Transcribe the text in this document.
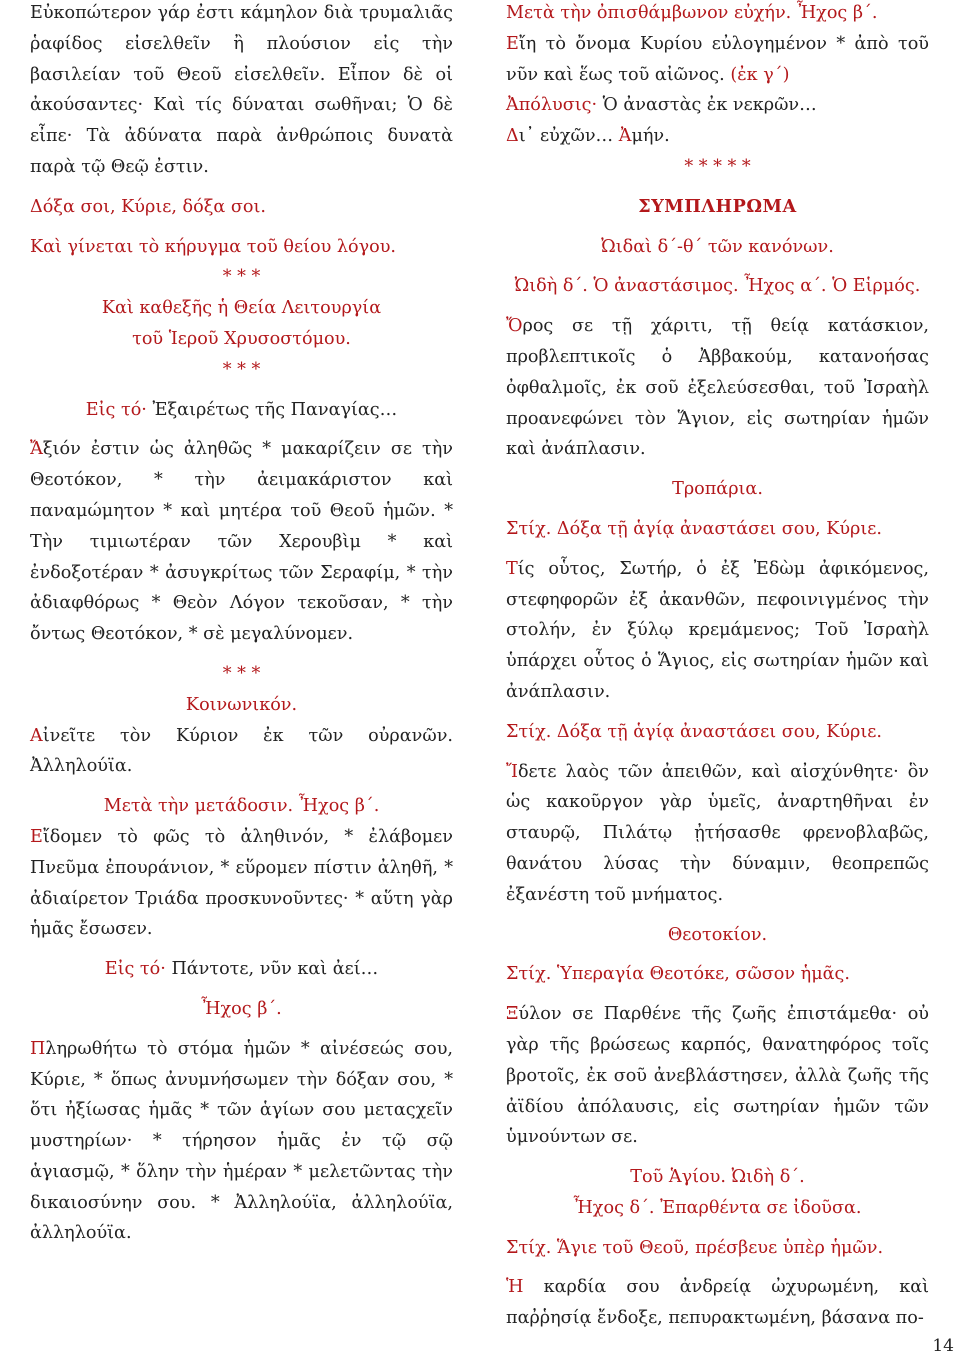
Εὐκοπώτερον γάρ ἐστι κάμηλον διὰ τρυμαλιᾶς ῥαφίδος εἰσελθεῖν ἢ πλούσιον εἰς τὴν βασιλείαν τοῦ Θεοῦ εἰσελθεῖν. Εἶπον δὲ οἱ ἀκούσαντες· Καὶ τίς δύναται σωθῆναι; Ὁ δὲ εἶπε· Τὰ ἀδύνατα παρὰ ἀνθρώποις δυνατὰ παρὰ τῷ Θεῷ ἐστιν.

Δόξα σοι, Κύριε, δόξα σοι.

Καὶ γίνεται τὸ κήρυγμα τοῦ θείου λόγου.

* * *

Καὶ καθεξῆς ἡ Θεία Λειτουργία

τοῦ Ἱεροῦ Χρυσοστόμου.

* * *

Εἰς τό· Ἐξαιρέτως τῆς Παναγίας…

Ἄξιόν ἐστιν ὡς ἀληθῶς * μακαρίζειν σε τὴν Θεοτόκον, * τὴν ἀειμακάριστον καὶ παναμώμητον * καὶ μητέρα τοῦ Θεοῦ ἡμῶν. * Τὴν τιμιωτέραν τῶν Χερουβὶμ * καὶ ἐνδοξοτέραν * ἀσυγκρίτως τῶν Σεραφίμ, * τὴν ἀδιαφθόρως * Θεὸν Λόγον τεκοῦσαν, * τὴν ὄντως Θεοτόκον, * σὲ μεγαλύνομεν.

* * *

Κοινωνικόν.

Αἰνεῖτε τὸν Κύριον ἐκ τῶν οὐρανῶν. Ἀλληλούϊα.

Μετὰ τὴν μετάδοσιν. Ἦχος β΄.

Εἴδομεν τὸ φῶς τὸ ἀληθινόν, * ἐλάβομεν Πνεῦμα ἐπουράνιον, * εὕρομεν πίστιν ἀληθῆ, * ἀδιαίρετον Τριάδα προσκυνοῦντες· * αὕτη γὰρ ἡμᾶς ἔσωσεν.

Εἰς τό· Πάντοτε, νῦν καὶ ἀεί…

Ἦχος β΄.

Πληρωθήτω τὸ στόμα ἡμῶν * αἰνέσεώς σου, Κύριε, * ὅπως ἀνυμνήσωμεν τὴν δόξαν σου, * ὅτι ἠξίωσας ἡμᾶς * τῶν ἁγίων σου μεταςχεῖν μυστηρίων· * τήρησον ἡμᾶς ἐν τῷ σῷ ἁγιασμῷ, * ὅλην τὴν ἡμέραν * μελετῶντας τὴν δικαιοσύνην σου. * Ἀλληλούϊα, ἀλληλούϊα, ἀλληλούϊα.

Μετὰ τὴν ὀπισθάμβωνον εὐχήν. Ἦχος β΄.

Εἴη τὸ ὄνομα Κυρίου εὐλογημένον * ἀπὸ τοῦ νῦν καὶ ἕως τοῦ αἰῶνος. (ἐκ γ΄)

Ἀπόλυσις· Ὁ ἀναστὰς ἐκ νεκρῶν…

Δι᾽ εὐχῶν… Ἀμήν.

* * * * *

ΣΥΜΠΛΗΡΩΜΑ

Ὠιδαὶ δ΄-θ΄ τῶν κανόνων.

Ὠιδὴ δ΄. Ὁ ἀναστάσιμος. Ἦχος α΄. Ὁ Εἱρμός.

Ὄρος σε τῇ χάριτι, τῇ θείᾳ κατάσκιον, προβλεπτικοῖς ὁ Ἀββακούμ, κατανοήσας ὀφθαλμοῖς, ἐκ σοῦ ἐξελεύσεσθαι, τοῦ Ἰσραὴλ προανεφώνει τὸν Ἅγιον, εἰς σωτηρίαν ἡμῶν καὶ ἀνάπλασιν.

Τροπάρια.

Στίχ. Δόξα τῇ ἁγίᾳ ἀναστάσει σου, Κύριε.

Τίς οὗτος, Σωτήρ, ὁ ἐξ Ἐδὼμ ἀφικόμενος, στεφηφορῶν ἐξ ἀκανθῶν, πεφοινιγμένος τὴν στολήν, ἐν ξύλῳ κρεμάμενος; Τοῦ Ἰσραὴλ ὑπάρχει οὗτος ὁ Ἅγιος, εἰς σωτηρίαν ἡμῶν καὶ ἀνάπλασιν.

Στίχ. Δόξα τῇ ἁγίᾳ ἀναστάσει σου, Κύριε.

Ἴδετε λαὸς τῶν ἀπειθῶν, καὶ αἰσχύνθητε· ὃν ὡς κακοῦργον γὰρ ὑμεῖς, ἀναρτηθῆναι ἐν σταυρῷ, Πιλάτῳ ᾐτήσασθε φρενοβλαβῶς, θανάτου λύσας τὴν δύναμιν, θεοπρεπῶς ἐξανέστη τοῦ μνήματος.

Θεοτοκίον.

Στίχ. Ὑπεραγία Θεοτόκε, σῶσον ἡμᾶς.

Ξύλον σε Παρθένε τῆς ζωῆς ἐπιστάμεθα· οὐ γὰρ τῆς βρώσεως καρπός, θανατηφόρος τοῖς βροτοῖς, ἐκ σοῦ ἀνεβλάστησεν, ἀλλὰ ζωῆς τῆς ἀϊδίου ἀπόλαυσις, εἰς σωτηρίαν ἡμῶν τῶν ὑμνούντων σε.

Τοῦ Ἁγίου. Ὠιδὴ δ΄.

Ἦχος δ΄. Ἐπαρθέντα σε ἰδοῦσα.

Στίχ. Ἅγιε τοῦ Θεοῦ, πρέσβευε ὑπὲρ ἡμῶν.

Ἡ καρδία σου ἀνδρείᾳ ὠχυρωμένη, καὶ παῤῥησίᾳ ἔνδοξε, πεπυρακτωμένη, βάσανα πο-

14
